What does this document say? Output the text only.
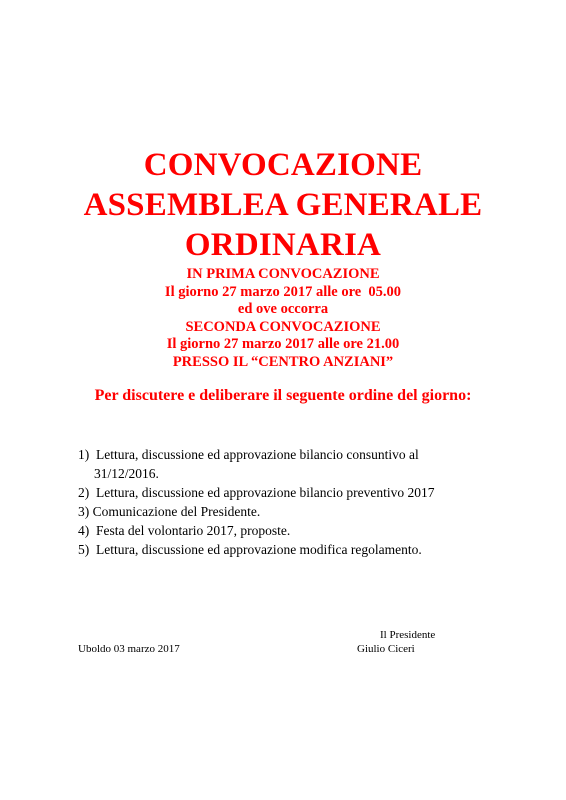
CONVOCAZIONE
ASSEMBLEA GENERALE
ORDINARIA
IN PRIMA CONVOCAZIONE
Il giorno 27 marzo 2017 alle ore  05.00
ed ove occorra
SECONDA CONVOCAZIONE
Il giorno 27 marzo 2017 alle ore 21.00
PRESSO IL “CENTRO ANZIANI”
Per discutere e deliberare il seguente ordine del giorno:
1) Lettura, discussione ed approvazione bilancio consuntivo al
31/12/2016.
2) Lettura, discussione ed approvazione bilancio preventivo 2017
3) Comunicazione del Presidente.
4) Festa del volontario 2017, proposte.
5) Lettura, discussione ed approvazione modifica regolamento.
Uboldo 03 marzo 2017
Il Presidente
Giulio Ciceri
